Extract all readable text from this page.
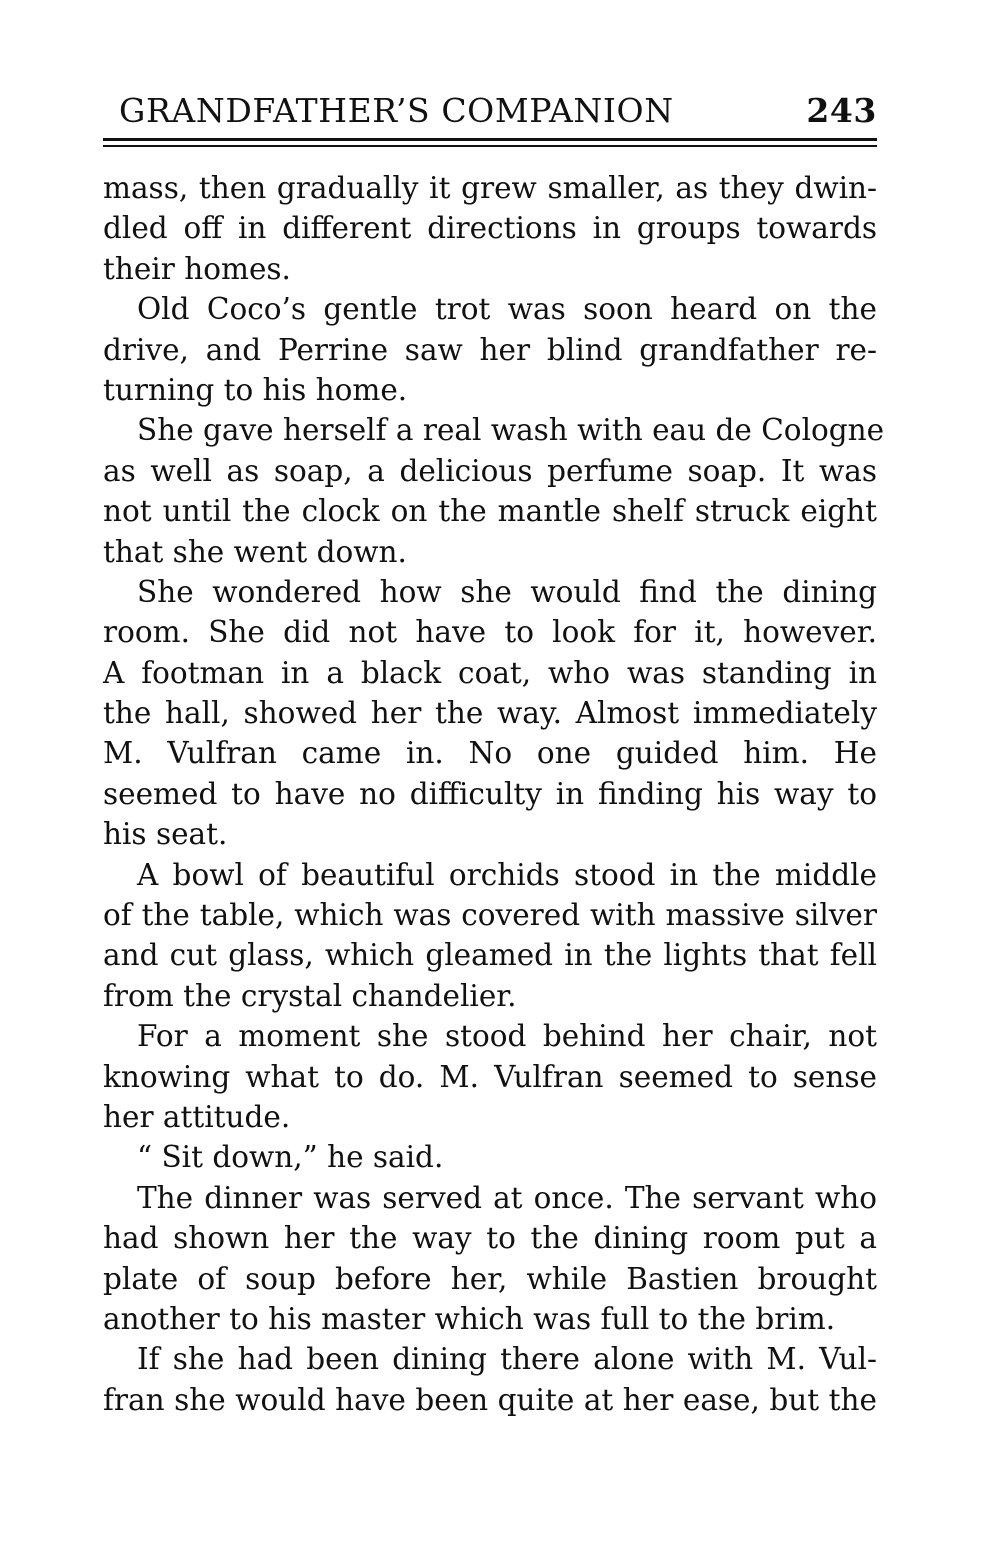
GRANDFATHER’S COMPANION	243
mass, then gradually it grew smaller, as they dwin-
dled off in different directions in groups towards
their homes.
Old Coco’s gentle trot was soon heard on the
drive, and Perrine saw her blind grandfather re-
turning to his home.
She gave herself a real wash with eau de Cologne
as well as soap, a delicious perfume soap. It was
not until the clock on the mantle shelf struck eight
that she went down.
She wondered how she would find the dining
room. She did not have to look for it, however.
A footman in a black coat, who was standing in
the hall, showed her the way. Almost immediately
M. Vulfran came in. No one guided him. He
seemed to have no difficulty in finding his way to
his seat.
A bowl of beautiful orchids stood in the middle
of the table, which was covered with massive silver
and cut glass, which gleamed in the lights that fell
from the crystal chandelier.
For a moment she stood behind her chair, not
knowing what to do. M. Vulfran seemed to sense
her attitude.
“ Sit down,” he said.
The dinner was served at once. The servant who
had shown her the way to the dining room put a
plate of soup before her, while Bastien brought
another to his master which was full to the brim.
If she had been dining there alone with M. Vul-
fran she would have been quite at her ease, but the
